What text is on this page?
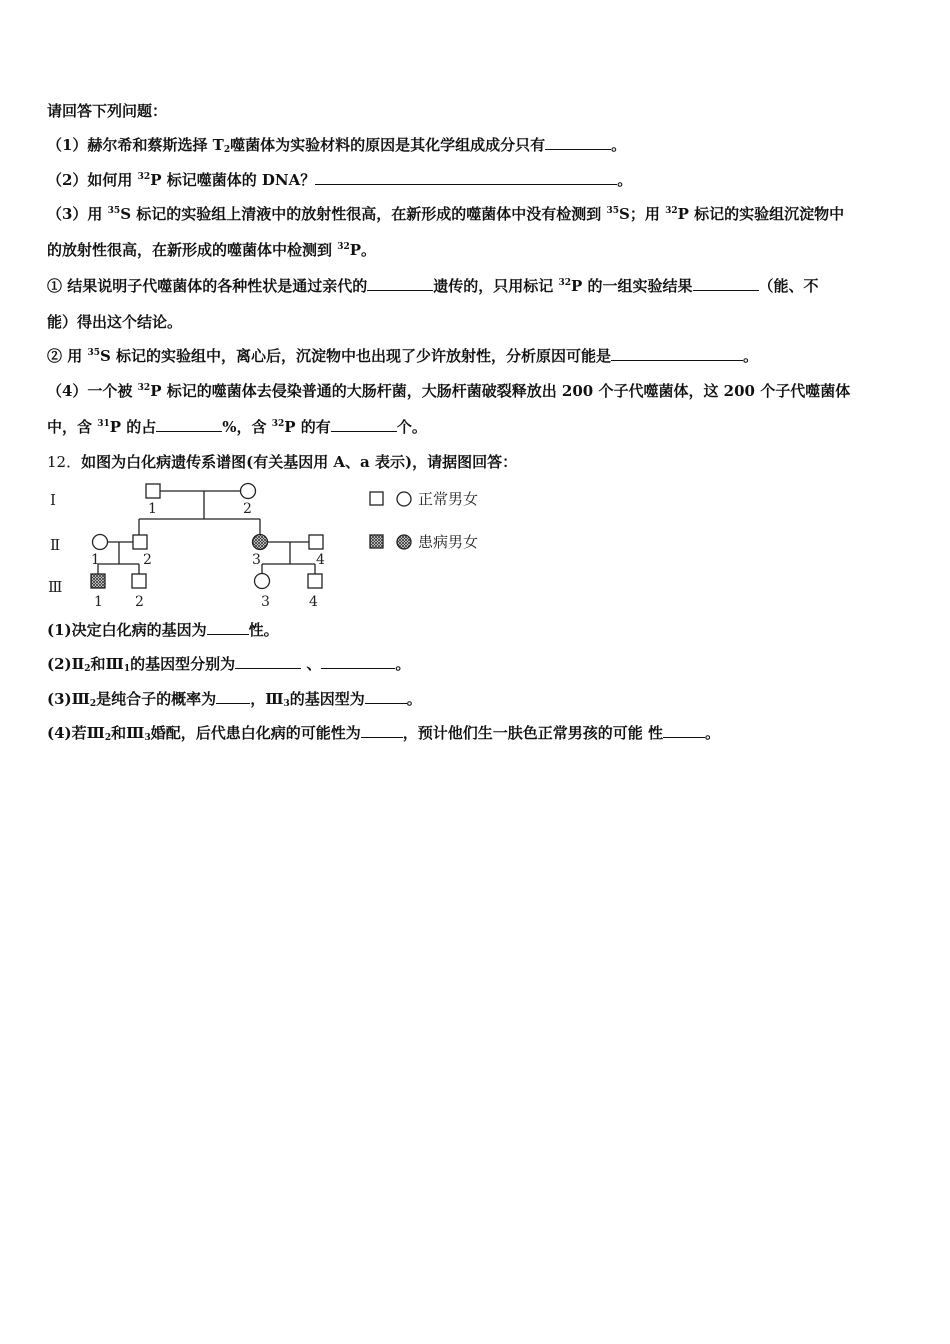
请回答下列问题：
（1）赫尔希和蔡斯选择 $T_2$噬菌体为实验材料的原因是其化学组成成分只有	。
（2）如何用 $^{32}$P 标记噬菌体的 DNA？	。
（3）用 $^{35}$S 标记的实验组上清液中的放射性很高，在新形成的噬菌体中没有检测到 $^{35}$S；用 $^{32}$P 标记的实验组沉淀物中
的放射性很高，在新形成的噬菌体中检测到 $^{32}$P。
① 结果说明子代噬菌体的各种性状是通过亲代的	遗传的，只用标记 $^{32}$P 的一组实验结果	（能、不
能）得出这个结论。
② 用 $^{35}$S 标记的实验组中，离心后，沉淀物中也出现了少许放射性，分析原因可能是	。
（4）一个被 $^{32}$P 标记的噬菌体去侵染普通的大肠杆菌，大肠杆菌破裂释放出 200 个子代噬菌体，这 200 个子代噬菌体
中，含 $^{31}$P 的占	%，含 $^{32}$P 的有	个。
12．如图为白化病遗传系谱图(有关基因用 A、a 表示)，请据图回答：
Ⅰ
Ⅱ
Ⅲ
1	2
1	2	3	4
1 2	3	4
正常男女
患病男女
(1)决定白化病的基因为	性。
$(2)Ⅱ_2$和$Ⅲ_1$的基因型分别为	、	。
$(3)Ⅲ_2$是纯合子的概率为 ，$Ⅲ_3$的基因型为	。
(4)若$Ⅲ_2$和$Ⅲ_3$婚配，后代患白化病的可能性为	，预计他们生一肤色正常男孩的可能 性	。
